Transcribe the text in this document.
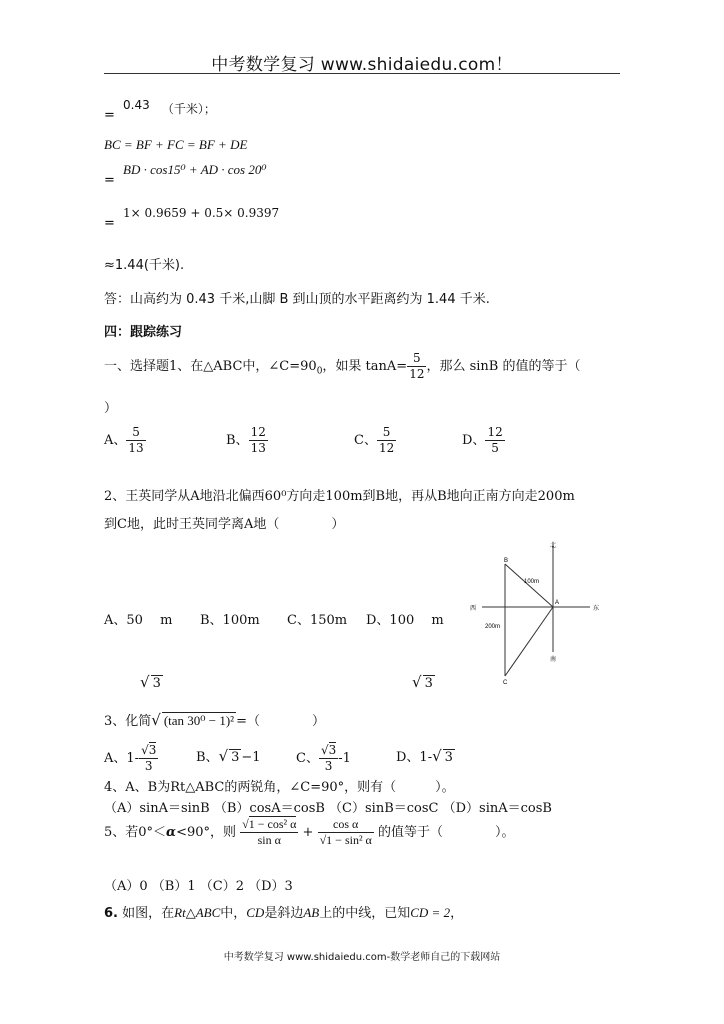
中考数学复习 www.shidaiedu.com！
= 0.43 （千米）；
BC = BF + FC = BF + DE
= BD · cos15⁰ + AD · cos 20⁰
= 1× 0.9659 + 0.5× 0.9397
≈1.44(千米).
答：山高约为 0.43 千米,山脚 B 到山顶的水平距离约为 1.44 千米.
四：跟踪练习
一、选择题1、在△ABC中，$\angle C=90_0$，如果 $\tan A= \frac{5}{12}$ ，那么 sinB 的值的等于（
）
A、 $\frac{5}{13}$	B、 $\frac{12}{13}$	C、 $\frac{5}{12}$	D、 $\frac{12}{5}$
2、王英同学从A地沿北偏西60⁰方向走100m到B地，再从B地向正南方向走200m
到C地，此时王英同学离A地（　　　　）
A、50　 m B、100m C、150m D、100　 m
√ 3	√ 3
B
北
100m
A
西	东
200m
南
C
3、化简√ (tan 30⁰ − 1)² =（　　　　）
A、$1- \frac{√3}{3}$	B、√ 3 −1	C、 $\frac{√3}{3} -1$	D、1-√ 3
4、A、B为Rt△ABC的两锐角，∠C=90°，则有（　　　）。
（A）sinA＝sinB （B）cosA＝cosB （C）sinB＝cosC （D）sinA＝cosB
5、若0°＜α<90°，则 $\frac{\text{√1 − cos² α}}{\text{sin α}} + \frac{\text{cos α}}{\text{√1 − sin² α}}$ 的值等于（　　　　）。
（A）0 （B）1 （C）2 （D）3
6. 如图，在Rt△ABC中，CD是斜边AB上的中线，已知CD = 2，
中考数学复习 www.shidaiedu.com-数学老师自己的下载网站
